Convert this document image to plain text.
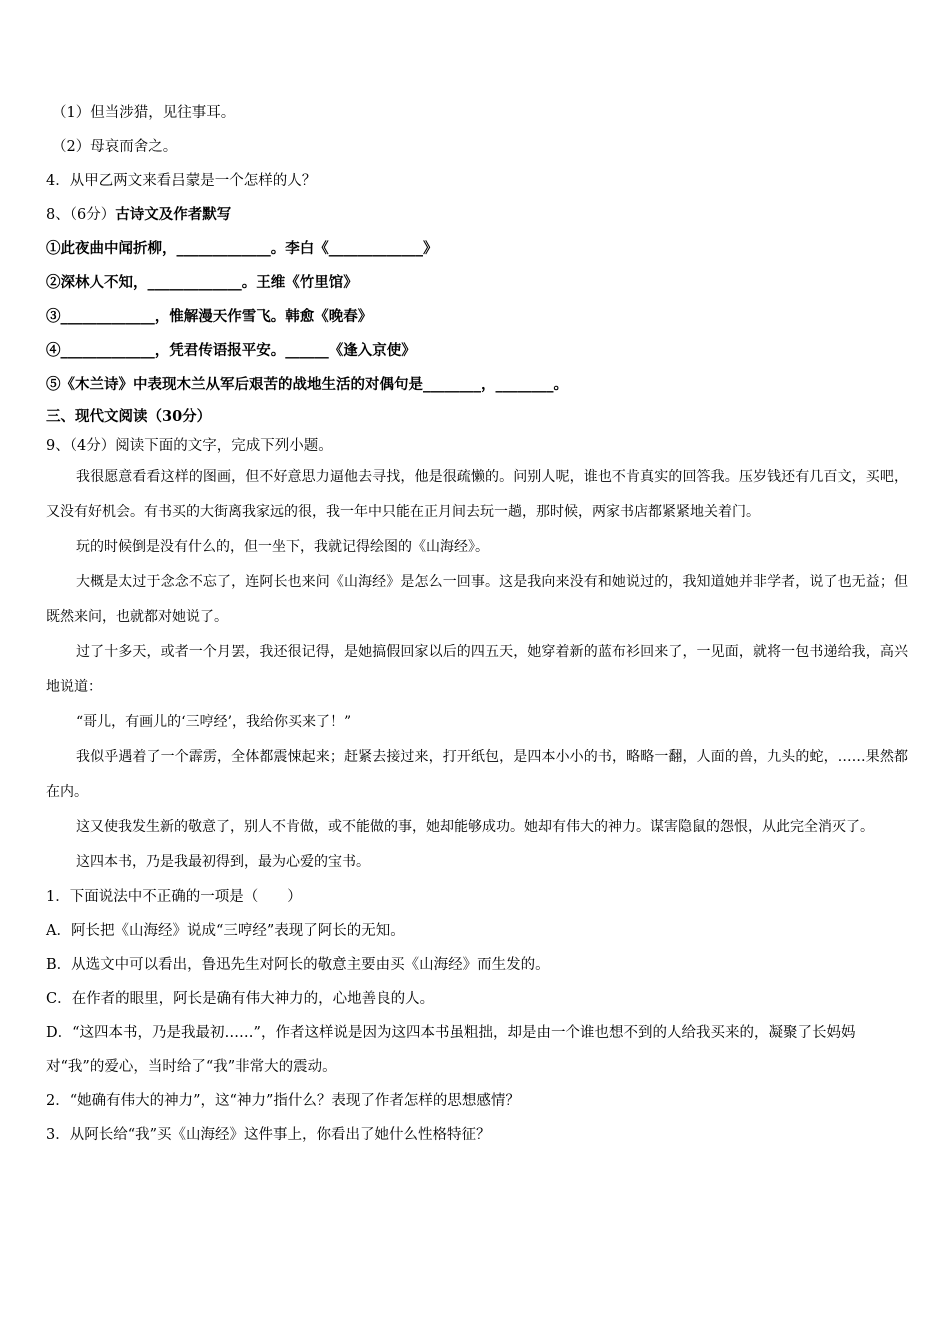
（1）但当涉猎，见往事耳。
（2）母哀而舍之。
4．从甲乙两文来看吕蒙是一个怎样的人？
8、（6分）古诗文及作者默写
①此夜曲中闻折柳，_____________。李白《_____________》
②深林人不知，_____________。王维《竹里馆》
③_____________，惟解漫天作雪飞。韩愈《晚春》
④_____________，凭君传语报平安。______《逢入京使》
⑤《木兰诗》中表现木兰从军后艰苦的战地生活的对偶句是________，________。
三、现代文阅读（30分）
9、（4分）阅读下面的文字，完成下列小题。
我很愿意看看这样的图画，但不好意思力逼他去寻找，他是很疏懒的。问别人呢，谁也不肯真实的回答我。压岁钱还有几百文，买吧，又没有好机会。有书买的大街离我家远的很，我一年中只能在正月间去玩一趟，那时候，两家书店都紧紧地关着门。
玩的时候倒是没有什么的，但一坐下，我就记得绘图的《山海经》。
大概是太过于念念不忘了，连阿长也来问《山海经》是怎么一回事。这是我向来没有和她说过的，我知道她并非学者，说了也无益；但既然来问，也就都对她说了。
过了十多天，或者一个月罢，我还很记得，是她搞假回家以后的四五天，她穿着新的蓝布衫回来了，一见面，就将一包书递给我，高兴地说道：
“哥儿，有画儿的‘三哼经’，我给你买来了！”
我似乎遇着了一个霹雳，全体都震悚起来；赶紧去接过来，打开纸包，是四本小小的书，略略一翻，人面的兽，九头的蛇，……果然都在内。
这又使我发生新的敬意了，别人不肯做，或不能做的事，她却能够成功。她却有伟大的神力。谋害隐鼠的怨恨，从此完全消灭了。
这四本书，乃是我最初得到，最为心爱的宝书。
1．下面说法中不正确的一项是（　　）
A．阿长把《山海经》说成“三哼经”表现了阿长的无知。
B．从选文中可以看出，鲁迅先生对阿长的敬意主要由买《山海经》而生发的。
C．在作者的眼里，阿长是确有伟大神力的，心地善良的人。
D．“这四本书，乃是我最初……”，作者这样说是因为这四本书虽粗拙，却是由一个谁也想不到的人给我买来的，凝聚了长妈妈对“我”的爱心，当时给了“我”非常大的震动。
2．“她确有伟大的神力”，这“神力”指什么？表现了作者怎样的思想感情？
3．从阿长给“我”买《山海经》这件事上，你看出了她什么性格特征？
